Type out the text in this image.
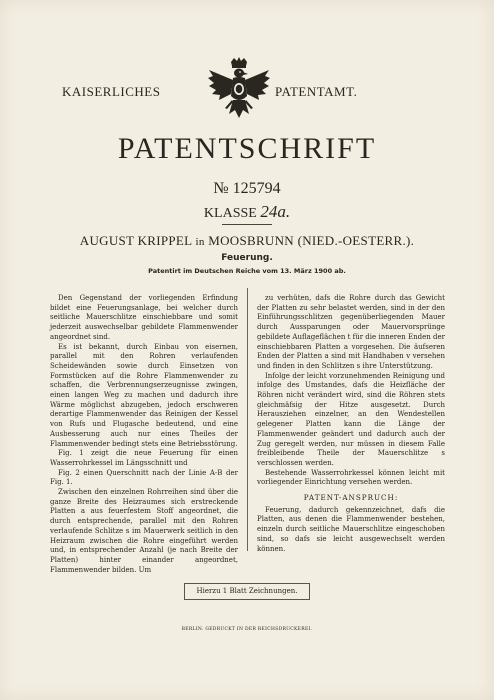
KAISERLICHES	PATENTAMT.
PATENTSCHRIFT
№ 125794
KLASSE 24a.
AUGUST KRIPPEL in MOOSBRUNN (NIED.-OESTERR.).
Feuerung.
Patentirt im Deutschen Reiche vom 13. März 1900 ab.

Den Gegenstand der vorliegenden Erfindung bildet eine Feuerungsanlage, bei welcher durch seitliche Mauerschlitze einschiebbare und somit jederzeit auswechselbar gebildete Flammenwender angeordnet sind.

Es ist bekannt, durch Einbau von eisernen, parallel mit den Rohren verlaufenden Scheidewänden sowie durch Einsetzen von Formstücken auf die Rohre Flammenwender zu schaffen, die Verbrennungserzeugnisse zwingen, einen langen Weg zu machen und dadurch ihre Wärme möglichst abzugeben, jedoch erschweren derartige Flammenwender das Reinigen der Kessel von Rufs und Flugasche bedeutend, und eine Ausbesserung auch nur eines Theiles der Flammenwender bedingt stets eine Betriebsstörung.

Fig. 1 zeigt die neue Feuerung für einen Wasserrohrkessel im Längsschnitt und

Fig. 2 einen Querschnitt nach der Linie A-B der Fig. 1.

Zwischen den einzelnen Rohrreihen sind über die ganze Breite des Heizraumes sich erstreckende Platten a aus feuerfestem Stoff angeordnet, die durch entsprechende, parallel mit den Rohren verlaufende Schlitze s im Mauerwerk seitlich in den Heizraum zwischen die Rohre eingeführt werden und, in entsprechender Anzahl (je nach Breite der Platten) hinter einander angeordnet, Flammenwender bilden. Um

zu verhüten, dafs die Rohre durch das Gewicht der Platten zu sehr belastet werden, sind in der den Einführungsschlitzen gegenüberliegenden Mauer durch Aussparungen oder Mauervorsprünge gebildete Auflageflächen t für die inneren Enden der einschiebbaren Platten a vorgesehen. Die äufseren Enden der Platten a sind mit Handhaben v versehen und finden in den Schlitzen s ihre Unterstützung.

Infolge der leicht vorzunehmenden Reinigung und infolge des Umstandes, dafs die Heizfläche der Röhren nicht verändert wird, sind die Röhren stets gleichmäfsig der Hitze ausgesetzt. Durch Herausziehen einzelner, an den Wendestellen gelegener Platten kann die Länge der Flammenwender geändert und dadurch auch der Zug geregelt werden, nur müssen in diesem Falle freibleibende Theile der Mauerschlitze s verschlossen werden.

Bestehende Wasserrohrkessel können leicht mit vorliegender Einrichtung versehen werden.

PATENT-ANSPRUCH:

Feuerung, dadurch gekennzeichnet, dafs die Platten, aus denen die Flammenwender bestehen, einzeln durch seitliche Mauerschlitze eingeschoben sind, so dafs sie leicht ausgewechselt werden können.

Hierzu 1 Blatt Zeichnungen.
BERLIN. GEDRUCKT IN DER REICHSDRUCKEREI.
